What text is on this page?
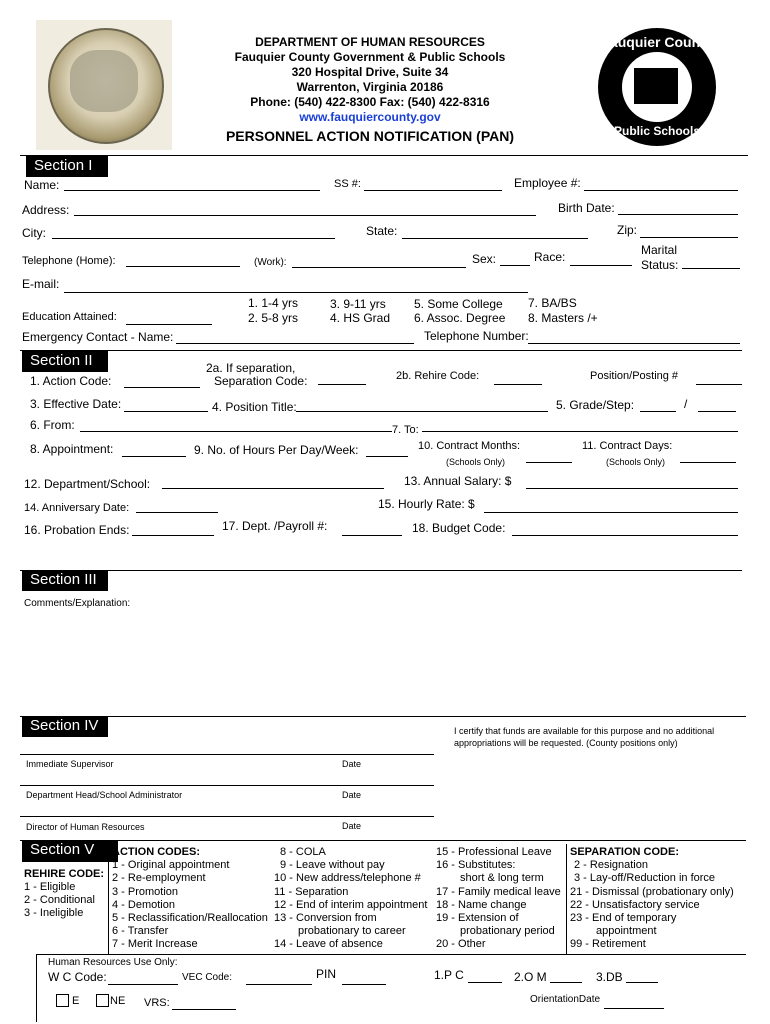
DEPARTMENT OF HUMAN RESOURCES
Fauquier County Government & Public Schools
320 Hospital Drive, Suite 34
Warrenton, Virginia 20186
Phone: (540) 422-8300 Fax: (540) 422-8316
www.fauquiercounty.gov
PERSONNEL ACTION NOTIFICATION (PAN)
Fauquier County
Public Schools
Section I
Name:	SS #:	Employee #:
Address:	Birth Date:
City:	State:	Zip:
Telephone (Home):	(Work):	Sex:	Race:	Marital
Status:
E-mail:
Education Attained:
1. 1-4 yrs
2. 5-8 yrs
3. 9-11 yrs
4. HS Grad
5. Some College
6. Assoc. Degree
7. BA/BS
8. Masters /+
Emergency Contact - Name:	Telephone Number:
Section II
1. Action Code:
2a. If separation,
Separation Code:	2b. Rehire Code:	Position/Posting #
3. Effective Date:	4. Position Title:	5. Grade/Step:	/
6. From:	7. To:
8. Appointment:	9. No. of Hours Per Day/Week:	10. Contract Months:
(Schools Only)
11. Contract Days:
(Schools Only)
12. Department/School:	13. Annual Salary: $
14. Anniversary Date:	15. Hourly Rate: $
16. Probation Ends:	17. Dept. /Payroll #:	18. Budget Code:
Section III
Comments/Explanation:
Section IV	I certify that funds are available for this purpose and no additional
appropriations will be requested. (County positions only)
Immediate Supervisor	Date
Department Head/School Administrator	Date
Director of Human Resources	Date
Section V
REHIRE CODE:
1 - Eligible
2 - Conditional
3 - Ineligible
ACTION CODES:
1 - Original appointment
2 - Re-employment
3 - Promotion
4 - Demotion
5 - Reclassification/Reallocation
6 - Transfer
7 - Merit Increase
8 - COLA
9 - Leave without pay
10 - New address/telephone #
11 - Separation
12 - End of interim appointment
13 - Conversion from
probationary to career
14 - Leave of absence
15 - Professional Leave
16 - Substitutes:
short & long term
17 - Family medical leave
18 - Name change
19 - Extension of
probationary period
20 - Other
SEPARATION CODE:
2 - Resignation
3 - Lay-off/Reduction in force
21 - Dismissal (probationary only)
22 - Unsatisfactory service
23 - End of temporary
appointment
99 - Retirement
Human Resources Use Only:
W C Code:	VEC Code:	PIN	1.P C	2.O M	3.DB
E	NE VRS:	OrientationDate
